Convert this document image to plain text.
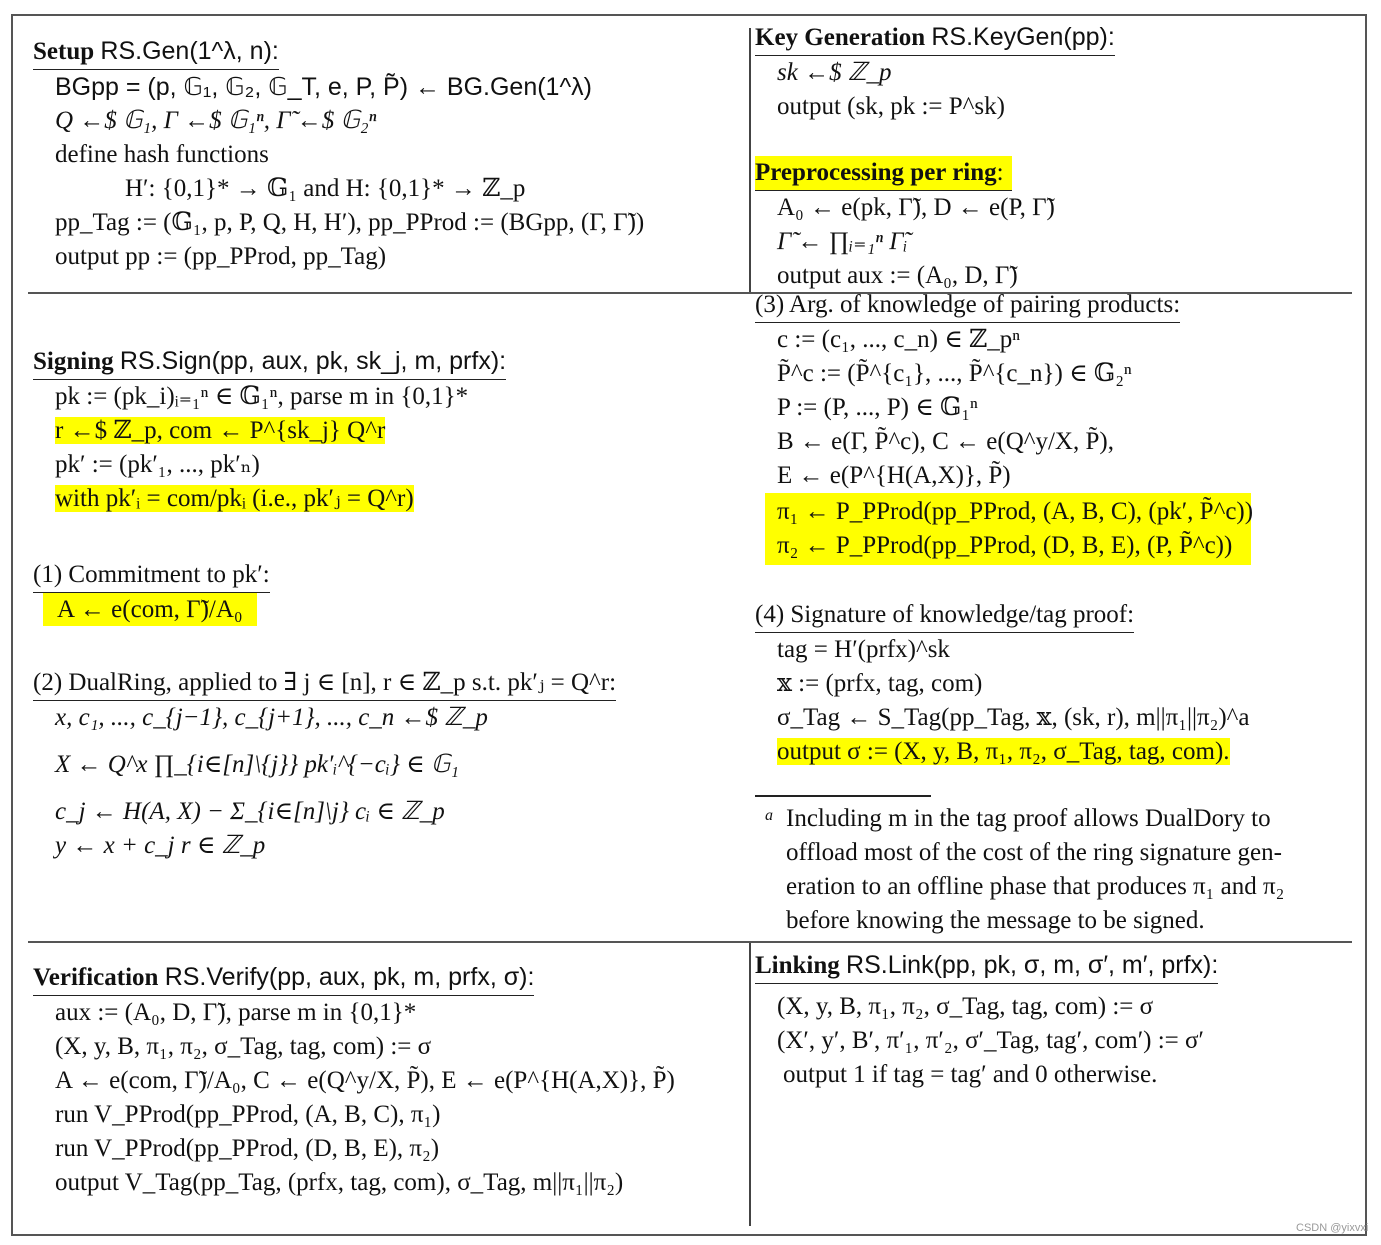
Setup RS.Gen(1^λ, n):
BGpp = (p, 𝔾₁, 𝔾₂, 𝔾_T, e, P, P̃) ← BG.Gen(1^λ)
Q ←$ 𝔾₁, Γ ←$ 𝔾₁ⁿ, Γ̃ ←$ 𝔾₂ⁿ
define hash functions
H′: {0,1}* → 𝔾₁ and H: {0,1}* → ℤ_p
pp_Tag := (𝔾₁, p, P, Q, H, H′), pp_PProd := (BGpp, (Γ, Γ̃))
output pp := (pp_PProd, pp_Tag)
Key Generation RS.KeyGen(pp):
sk ←$ ℤ_p
output (sk, pk := P^sk)
Preprocessing per ring:
A₀ ← e(pk, Γ̃), D ← e(P, Γ̃)
Γ̃ ← ∏ᵢ₌₁ⁿ Γ̃ᵢ
output aux := (A₀, D, Γ̃)
Signing RS.Sign(pp, aux, pk, sk_j, m, prfx):
pk := (pk_i)ᵢ₌₁ⁿ ∈ 𝔾₁ⁿ, parse m in {0,1}*
r ←$ ℤ_p, com ← P^{sk_j} Q^r
pk′ := (pk′₁, ..., pk′ₙ)
with pk′ᵢ = com/pkᵢ (i.e., pk′ⱼ = Q^r)
(1) Commitment to pk′:
A ← e(com, Γ̃)/A₀
(2) DualRing, applied to ∃ j ∈ [n], r ∈ ℤ_p s.t. pk′ⱼ = Q^r:
x, c₁, ..., c_{j−1}, c_{j+1}, ..., c_n ←$ ℤ_p
X ← Q^x ∏_{i∈[n]\{j}} pk′ᵢ^{−cᵢ} ∈ 𝔾₁
c_j ← H(A, X) − Σ_{i∈[n]\j} cᵢ ∈ ℤ_p
y ← x + c_j r ∈ ℤ_p
(3) Arg. of knowledge of pairing products:
c := (c₁, ..., c_n) ∈ ℤ_pⁿ
P̃^c := (P̃^{c₁}, ..., P̃^{c_n}) ∈ 𝔾₂ⁿ
P := (P, ..., P) ∈ 𝔾₁ⁿ
B ← e(Γ, P̃^c), C ← e(Q^y/X, P̃),
E ← e(P^{H(A,X)}, P̃)
π₁ ← P_PProd(pp_PProd, (A, B, C), (pk′, P̃^c))
π₂ ← P_PProd(pp_PProd, (D, B, E), (P, P̃^c))
(4) Signature of knowledge/tag proof:
tag = H′(prfx)^sk
𝕩 := (prfx, tag, com)
σ_Tag ← S_Tag(pp_Tag, 𝕩, (sk, r), m||π₁||π₂)^a
output σ := (X, y, B, π₁, π₂, σ_Tag, tag, com).
a Including m in the tag proof allows DualDory to
offload most of the cost of the ring signature gen-
eration to an offline phase that produces π₁ and π₂
before knowing the message to be signed.
Verification RS.Verify(pp, aux, pk, m, prfx, σ):
aux := (A₀, D, Γ̃), parse m in {0,1}*
(X, y, B, π₁, π₂, σ_Tag, tag, com) := σ
A ← e(com, Γ̃)/A₀, C ← e(Q^y/X, P̃), E ← e(P^{H(A,X)}, P̃)
run V_PProd(pp_PProd, (A, B, C), π₁)
run V_PProd(pp_PProd, (D, B, E), π₂)
output V_Tag(pp_Tag, (prfx, tag, com), σ_Tag, m||π₁||π₂)
Linking RS.Link(pp, pk, σ, m, σ′, m′, prfx):
(X, y, B, π₁, π₂, σ_Tag, tag, com) := σ
(X′, y′, B′, π′₁, π′₂, σ′_Tag, tag′, com′) := σ′
output 1 if tag = tag′ and 0 otherwise.
CSDN @yixvxi
